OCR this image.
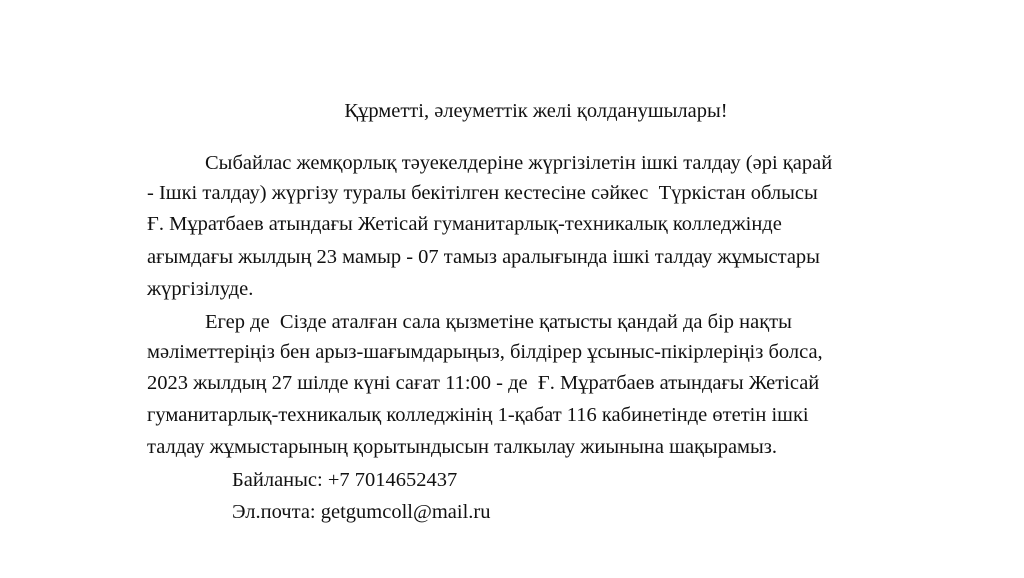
Құрметті, әлеуметтік желі қолданушылары!
Сыбайлас жемқорлық тәуекелдеріне жүргізілетін ішкі талдау (әрі қарай
- Ішкі талдау) жүргізу туралы бекітілген кестесіне сәйкес  Түркістан облысы
Ғ. Мұратбаев атындағы Жетісай гуманитарлық-техникалық колледжінде
ағымдағы жылдың 23 мамыр - 07 тамыз аралығында ішкі талдау жұмыстары
жүргізілуде.
Егер де  Сізде аталған сала қызметіне қатысты қандай да бір нақты
мәліметтеріңіз бен арыз-шағымдарыңыз, білдірер ұсыныс-пікірлеріңіз болса,
2023 жылдың 27 шілде күні сағат 11:00 - де  Ғ. Мұратбаев атындағы Жетісай
гуманитарлық-техникалық колледжінің 1-қабат 116 кабинетінде өтетін ішкі
талдау жұмыстарының қорытындысын талкылау жиынына шақырамыз.
Байланыс: +7 7014652437
Эл.почта: getgumcoll@mail.ru
